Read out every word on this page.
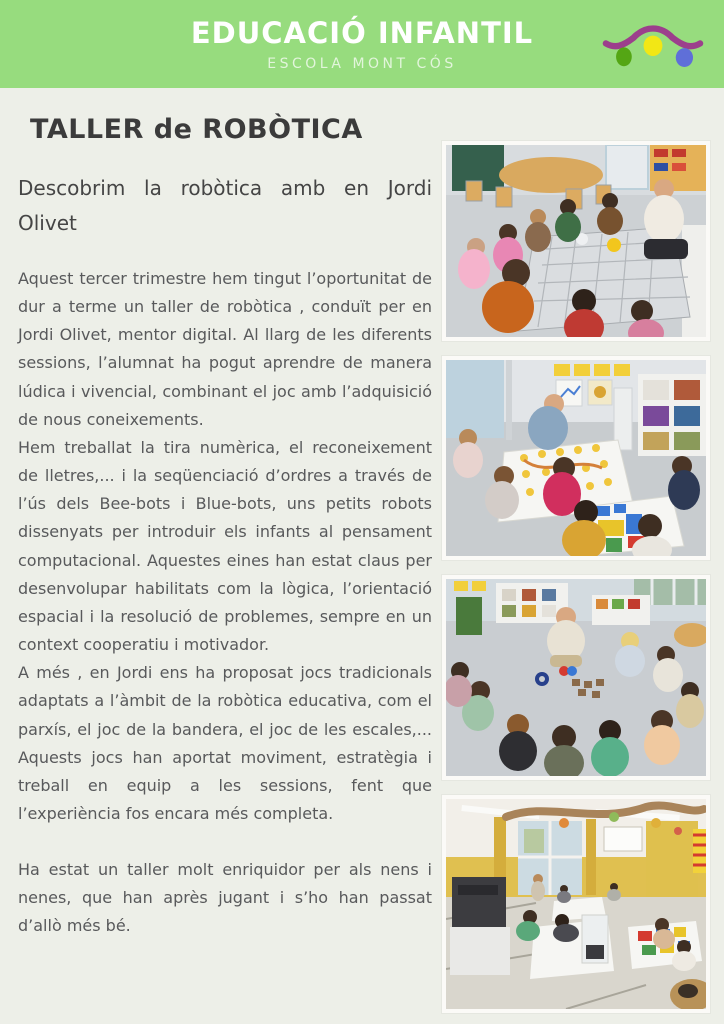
EDUCACIÓ INFANTIL
ESCOLA MONT CÓS
TALLER de ROBÒTICA

Descobrim la robòtica amb en Jordi Olivet

Aquest tercer trimestre hem tingut l’oportunitat de dur a terme un taller de robòtica , conduït per en Jordi Olivet, mentor digital. Al llarg de les diferents sessions, l’alumnat ha pogut aprendre de manera lúdica i vivencial, combinant el joc amb l’adquisició de nous coneixements.

Hem treballat la tira numèrica, el reconeixement de lletres,... i la seqüenciació d’ordres a través de l’ús dels Bee-bots i Blue-bots, uns petits robots dissenyats per introduir els infants al pensament computacional. Aquestes eines han estat claus per desenvolupar habilitats com la lògica, l’orientació espacial i la resolució de problemes, sempre en un context cooperatiu i motivador.

A més , en Jordi ens ha proposat jocs tradicionals adaptats a l’àmbit de la robòtica educativa, com el parxís, el joc de la bandera, el joc de les escales,... Aquests jocs han aportat moviment, estratègia i treball en equip a les sessions, fent que l’experiència fos encara més completa.

Ha estat un taller molt enriquidor per als nens i nenes, que han après jugant i s’ho han passat d’allò més bé.
